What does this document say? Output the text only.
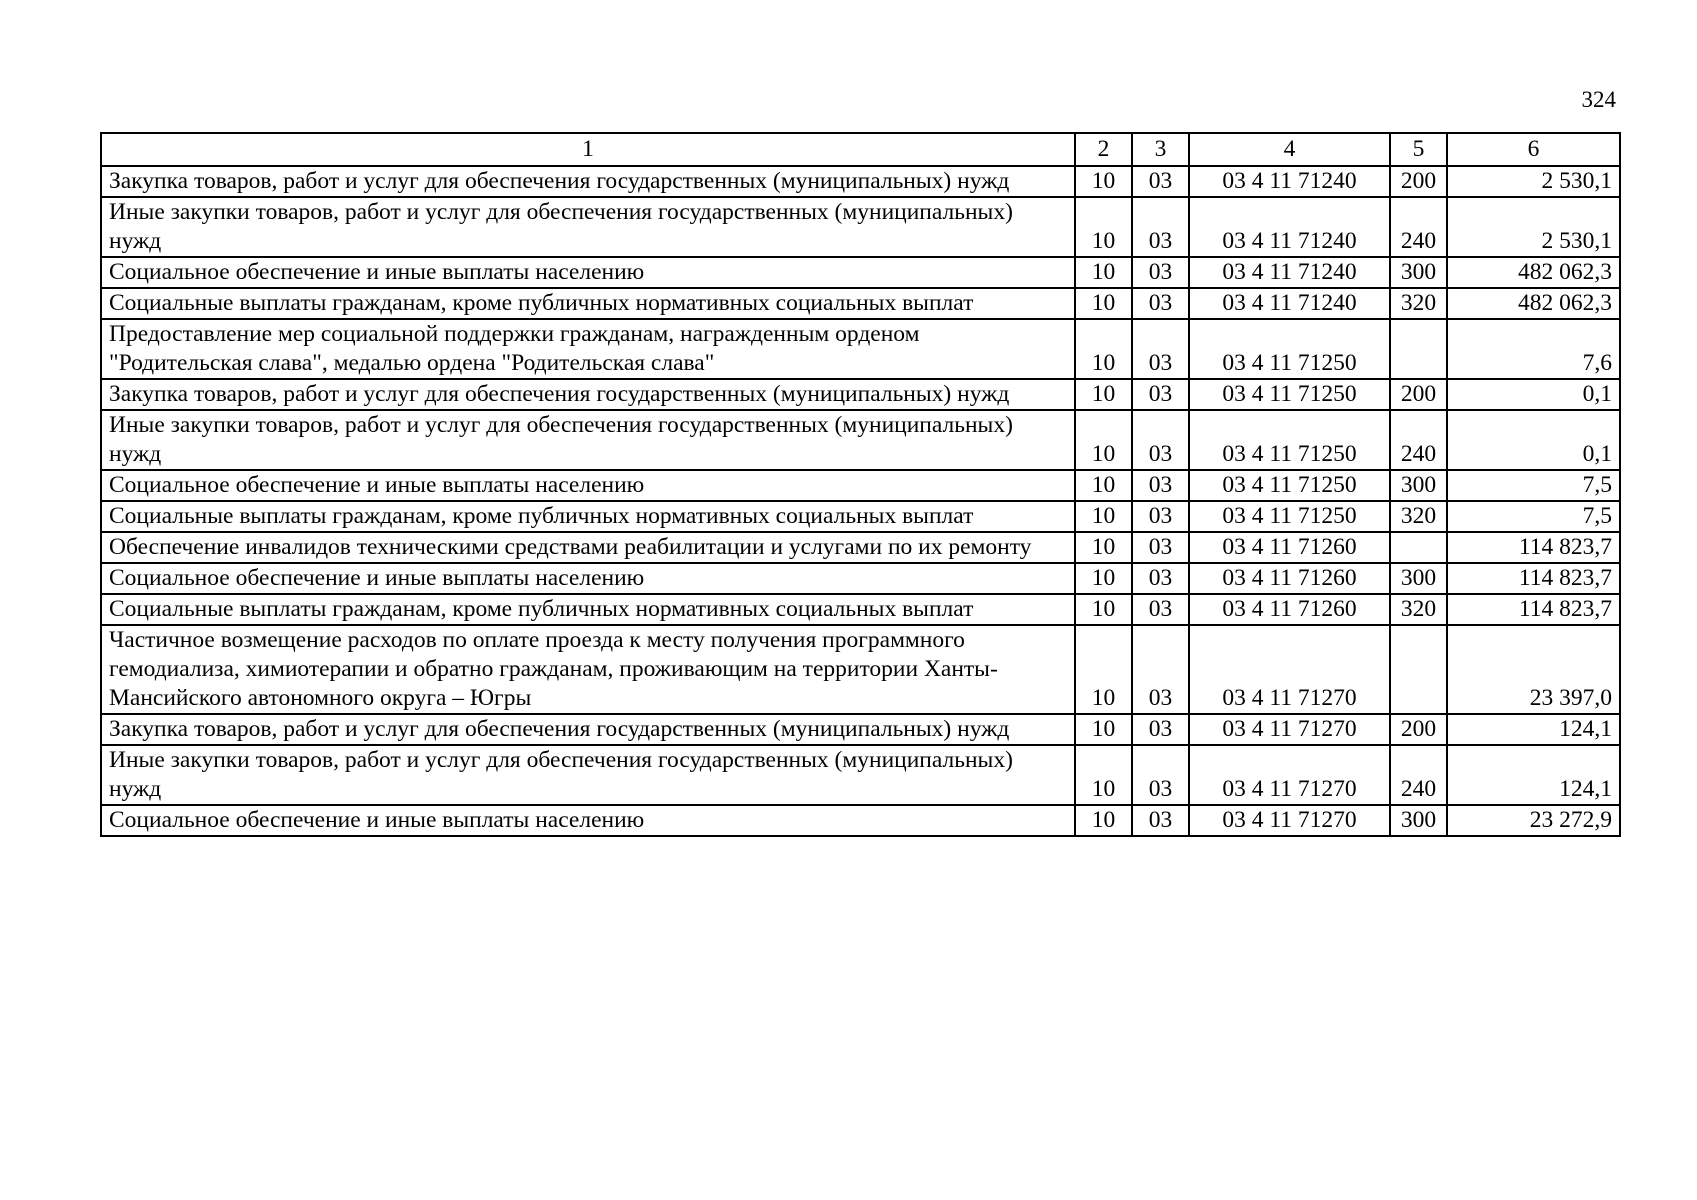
324
1	2	3	4	5	6
Закупка товаров, работ и услуг для обеспечения государственных (муниципальных) нужд	10	03	03 4 11 71240	200	2 530,1
Иные закупки товаров, работ и услуг для обеспечения государственных (муниципальных) нужд	10	03	03 4 11 71240	240	2 530,1
Социальное обеспечение и иные выплаты населению	10	03	03 4 11 71240	300	482 062,3
Социальные выплаты гражданам, кроме публичных нормативных социальных выплат	10	03	03 4 11 71240	320	482 062,3
Предоставление мер социальной поддержки гражданам, награжденным орденом "Родительская слава", медалью ордена "Родительская слава"	10	03	03 4 11 71250		7,6
Закупка товаров, работ и услуг для обеспечения государственных (муниципальных) нужд	10	03	03 4 11 71250	200	0,1
Иные закупки товаров, работ и услуг для обеспечения государственных (муниципальных) нужд	10	03	03 4 11 71250	240	0,1
Социальное обеспечение и иные выплаты населению	10	03	03 4 11 71250	300	7,5
Социальные выплаты гражданам, кроме публичных нормативных социальных выплат	10	03	03 4 11 71250	320	7,5
Обеспечение инвалидов техническими средствами реабилитации и услугами по их ремонту	10	03	03 4 11 71260		114 823,7
Социальное обеспечение и иные выплаты населению	10	03	03 4 11 71260	300	114 823,7
Социальные выплаты гражданам, кроме публичных нормативных социальных выплат	10	03	03 4 11 71260	320	114 823,7
Частичное возмещение расходов по оплате проезда к месту получения программного гемодиализа, химиотерапии и обратно гражданам, проживающим на территории Ханты-Мансийского автономного округа – Югры	10	03	03 4 11 71270		23 397,0
Закупка товаров, работ и услуг для обеспечения государственных (муниципальных) нужд	10	03	03 4 11 71270	200	124,1
Иные закупки товаров, работ и услуг для обеспечения государственных (муниципальных) нужд	10	03	03 4 11 71270	240	124,1
Социальное обеспечение и иные выплаты населению	10	03	03 4 11 71270	300	23 272,9
